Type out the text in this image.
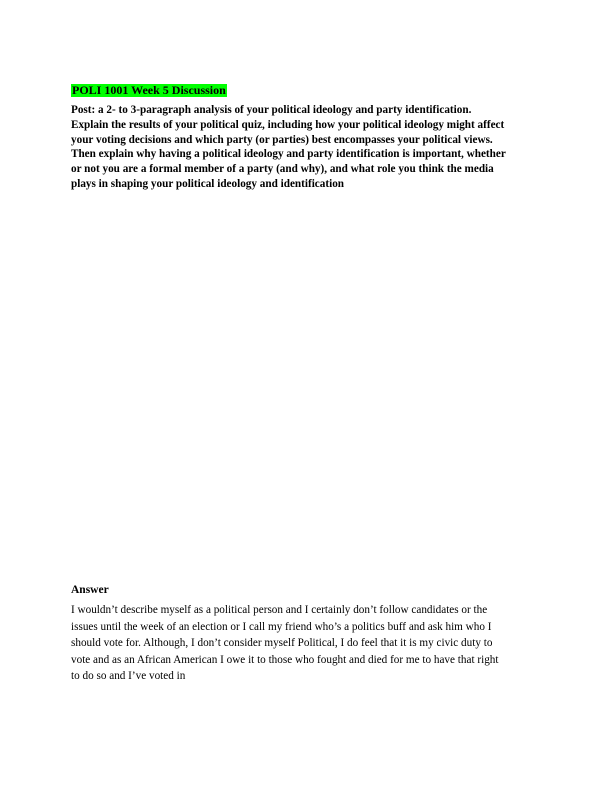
POLI 1001 Week 5 Discussion

Post: a 2- to 3-paragraph analysis of your political ideology and party identification.

Explain the results of your political quiz, including how your political ideology might affect

your voting decisions and which party (or parties) best encompasses your political views.

Then explain why having a political ideology and party identification is important, whether

or not you are a formal member of a party (and why), and what role you think the media

plays in shaping your political ideology and identification

Answer

I wouldn’t describe myself as a political person and I certainly don’t follow candidates or the

issues until the week of an election or I call my friend who’s a politics buff and ask him who I

should vote for. Although, I don’t consider myself Political, I do feel that it is my civic duty to

vote and as an African American I owe it to those who fought and died for me to have that right

to do so and I’ve voted in
